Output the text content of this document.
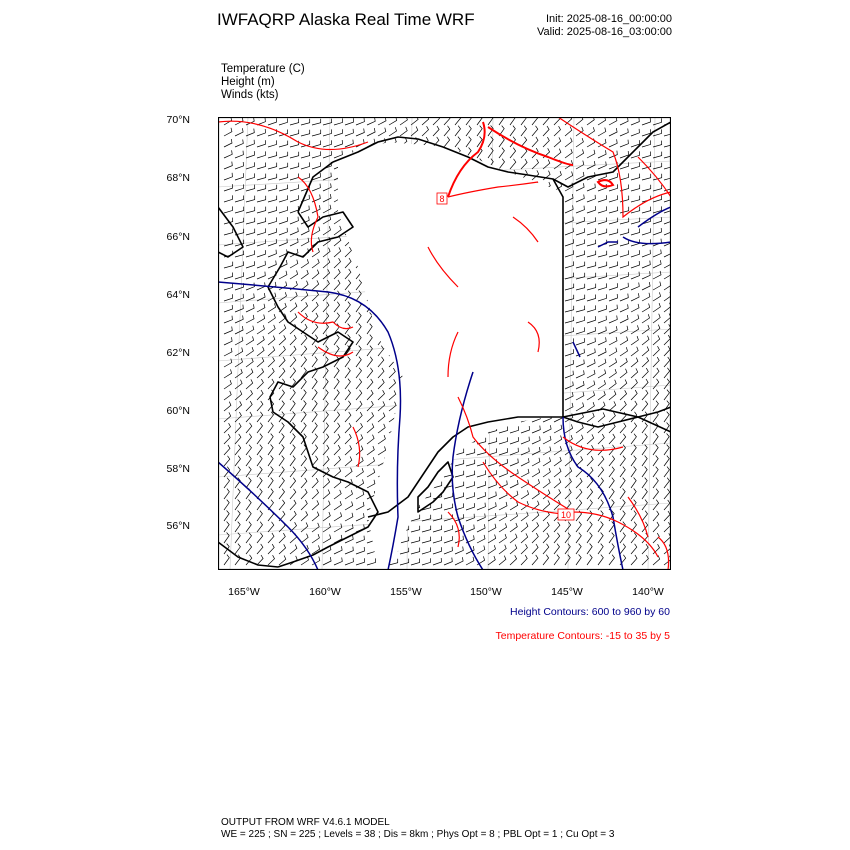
IWFAQRP Alaska Real Time WRF	Init: 2025-08-16_00:00:00
Valid: 2025-08-16_03:00:00
Temperature (C)
Height (m)
Winds (kts)
8
10
70°N
68°N
66°N
64°N
62°N
60°N
58°N
56°N
165°W	160°W	155°W	150°W	145°W	140°W
Height Contours: 600 to 960 by 60
Temperature Contours: -15 to 35 by 5
OUTPUT FROM WRF V4.6.1 MODEL
WE = 225 ; SN = 225 ; Levels = 38 ; Dis = 8km ; Phys Opt = 8 ; PBL Opt = 1 ; Cu Opt = 3
